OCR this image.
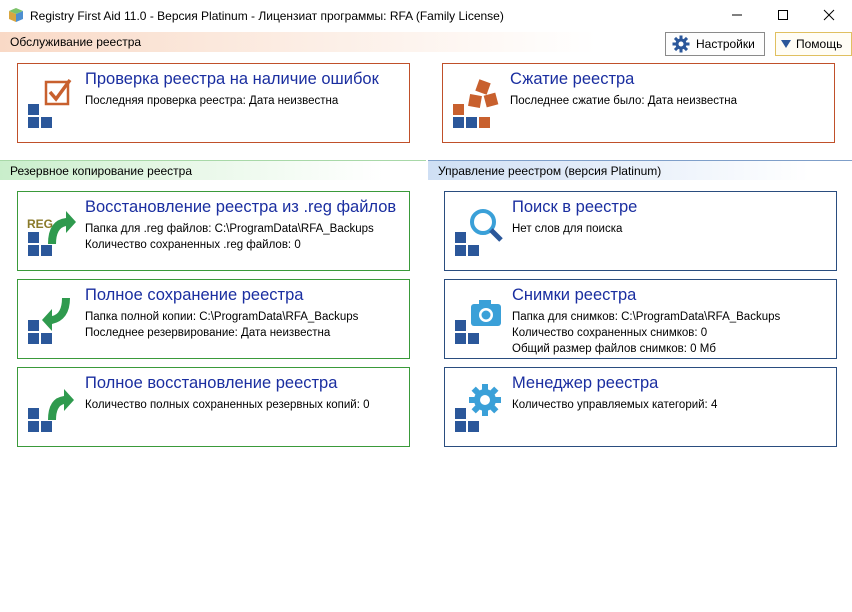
Registry First Aid 11.0 - Версия Platinum - Лицензиат программы: RFA (Family License)
Обслуживание реестра	Настройки	Помощь
Проверка реестра на наличие ошибок
Последняя проверка реестра: Дата неизвестна
Сжатие реестра
Последнее сжатие было: Дата неизвестна
Резервное копирование реестра	Управление реестром (версия Platinum)
REG
Восстановление реестра из .reg файлов
Папка для .reg файлов: C:\ProgramData\RFA_Backups
Количество сохраненных .reg файлов: 0
Поиск в реестре
Нет слов для поиска
Полное сохранение реестра
Папка полной копии: C:\ProgramData\RFA_Backups
Последнее резервирование: Дата неизвестна
Снимки реестра
Папка для снимков: C:\ProgramData\RFA_Backups
Количество сохраненных снимков: 0
Общий размер файлов снимков: 0 Мб
Полное восстановление реестра
Количество полных сохраненных резервных копий: 0
Менеджер реестра
Количество управляемых категорий: 4
